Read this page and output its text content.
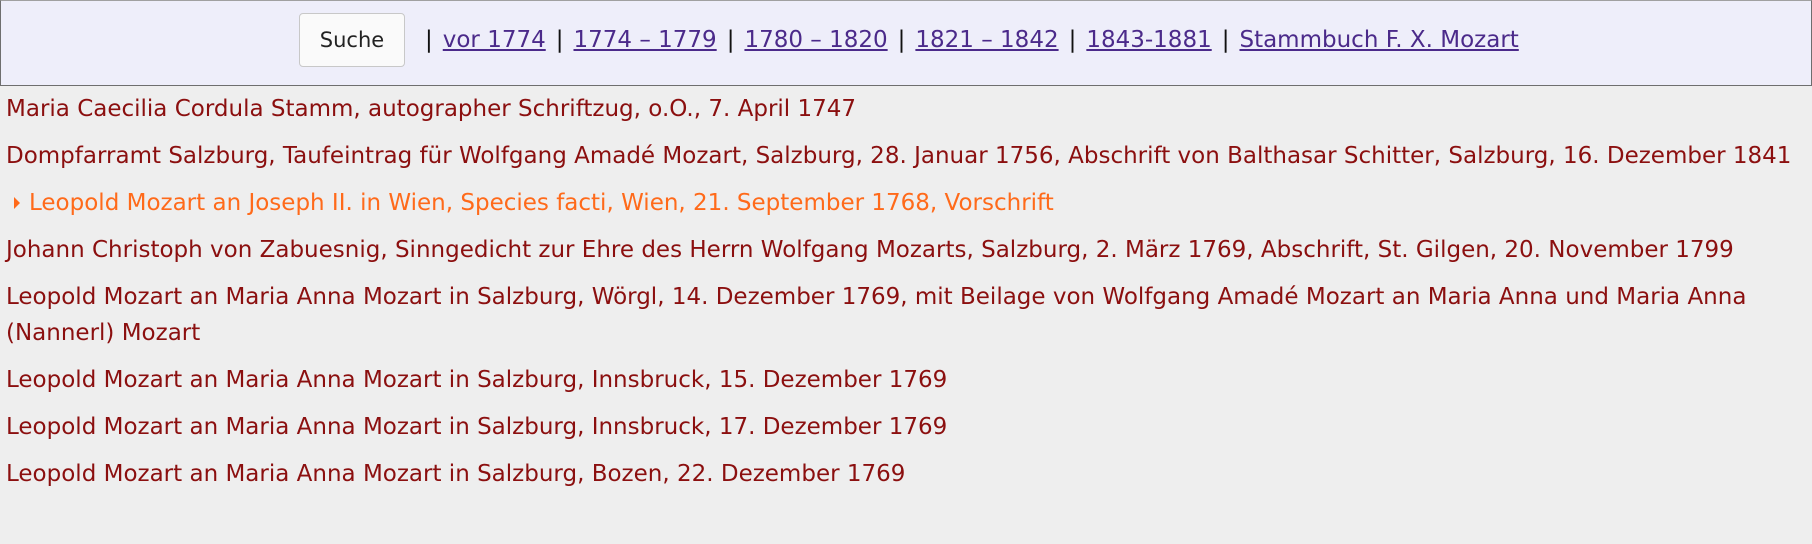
Suche	| vor 1774 | 1774 – 1779 | 1780 – 1820 | 1821 – 1842 | 1843-1881 | Stammbuch F. X. Mozart
Maria Caecilia Cordula Stamm, autographer Schriftzug, o.O., 7. April 1747
Dompfarramt Salzburg, Taufeintrag für Wolfgang Amadé Mozart, Salzburg, 28. Januar 1756, Abschrift von Balthasar Schitter, Salzburg, 16. Dezember 1841
Leopold Mozart an Joseph II. in Wien, Species facti, Wien, 21. September 1768, Vorschrift
Johann Christoph von Zabuesnig, Sinngedicht zur Ehre des Herrn Wolfgang Mozarts, Salzburg, 2. März 1769, Abschrift, St. Gilgen, 20. November 1799
Leopold Mozart an Maria Anna Mozart in Salzburg, Wörgl, 14. Dezember 1769, mit Beilage von Wolfgang Amadé Mozart an Maria Anna und Maria Anna (Nannerl) Mozart
Leopold Mozart an Maria Anna Mozart in Salzburg, Innsbruck, 15. Dezember 1769
Leopold Mozart an Maria Anna Mozart in Salzburg, Innsbruck, 17. Dezember 1769
Leopold Mozart an Maria Anna Mozart in Salzburg, Bozen, 22. Dezember 1769
